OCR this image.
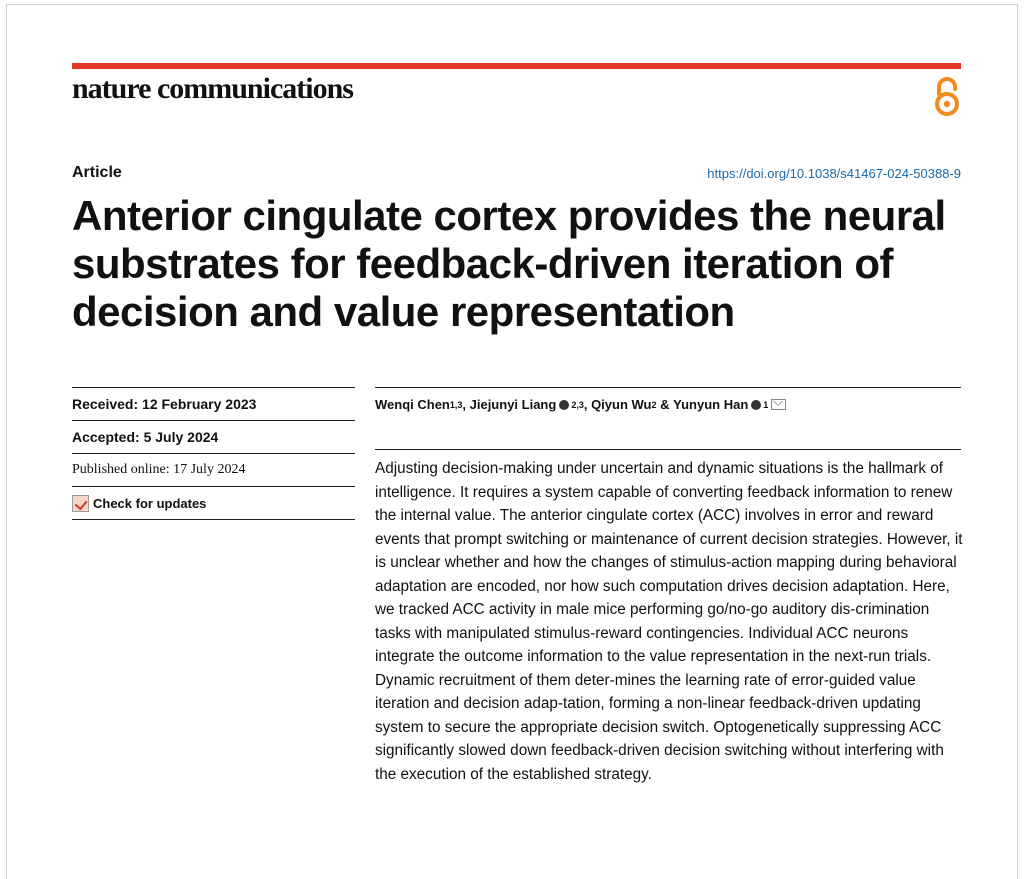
nature communications
Article	https://doi.org/10.1038/s41467-024-50388-9
Anterior cingulate cortex provides the neural substrates for feedback-driven iteration of decision and value representation
Received: 12 February 2023
Accepted: 5 July 2024
Published online: 17 July 2024
Check for updates
Wenqi Chen 1,3 , Jiejunyi Liang 2,3 , Qiyun Wu 2 & Yunyun Han 1

Adjusting decision-making under uncertain and dynamic situations is the hallmark of intelligence. It requires a system capable of converting feedback information to renew the internal value. The anterior cingulate cortex (ACC) involves in error and reward events that prompt switching or maintenance of current decision strategies. However, it is unclear whether and how the changes of stimulus-action mapping during behavioral adaptation are encoded, nor how such computation drives decision adaptation. Here, we tracked ACC activity in male mice performing go/no-go auditory dis-crimination tasks with manipulated stimulus-reward contingencies. Individual ACC neurons integrate the outcome information to the value representation in the next-run trials. Dynamic recruitment of them deter-mines the learning rate of error-guided value iteration and decision adap-tation, forming a non-linear feedback-driven updating system to secure the appropriate decision switch. Optogenetically suppressing ACC significantly slowed down feedback-driven decision switching without interfering with the execution of the established strategy.
